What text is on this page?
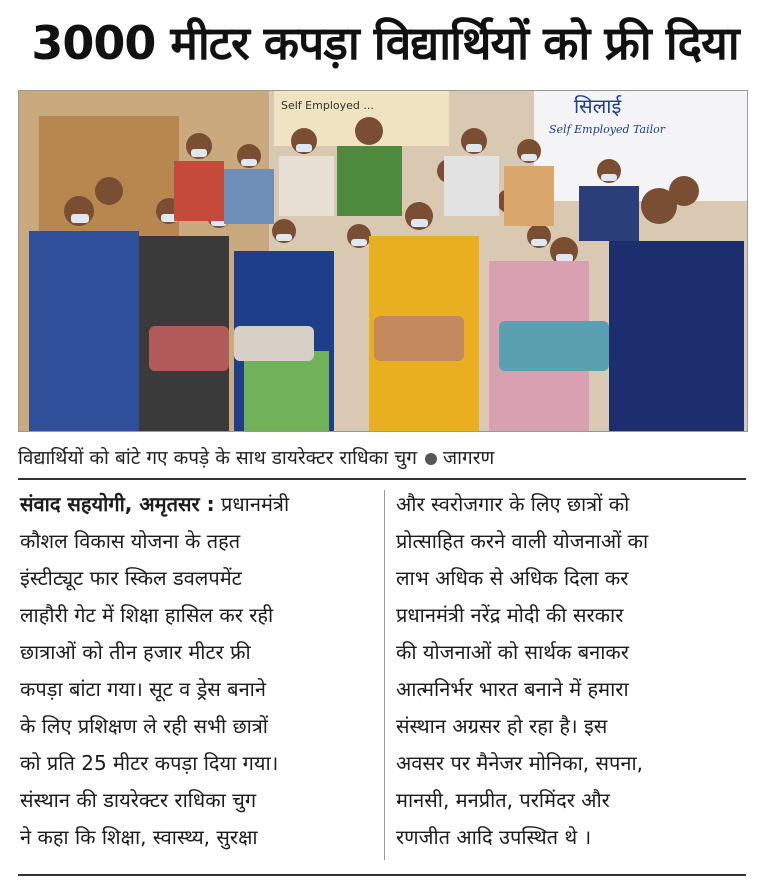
3000 मीटर कपड़ा विद्यार्थियों को फ्री दिया
Self Employed ...	सिलाई
Self Employed Tailor
विद्यार्थियों को बांटे गए कपड़े के साथ डायरेक्टर राधिका चुग जागरण

संवाद सहयोगी, अमृतसर : प्रधानमंत्री

कौशल विकास योजना के तहत

इंस्टीट्यूट फार स्किल डवलपमेंट

लाहौरी गेट में शिक्षा हासिल कर रही

छात्राओं को तीन हजार मीटर फ्री

कपड़ा बांटा गया। सूट व ड्रेस बनाने

के लिए प्रशिक्षण ले रही सभी छात्रों

को प्रति 25 मीटर कपड़ा दिया गया।

संस्थान की डायरेक्टर राधिका चुग

ने कहा कि शिक्षा, स्वास्थ्य, सुरक्षा

और स्वरोजगार के लिए छात्रों को

प्रोत्साहित करने वाली योजनाओं का

लाभ अधिक से अधिक दिला कर

प्रधानमंत्री नरेंद्र मोदी की सरकार

की योजनाओं को सार्थक बनाकर

आत्मनिर्भर भारत बनाने में हमारा

संस्थान अग्रसर हो रहा है। इस

अवसर पर मैनेजर मोनिका, सपना,

मानसी, मनप्रीत, परमिंदर और

रणजीत आदि उपस्थित थे ।
